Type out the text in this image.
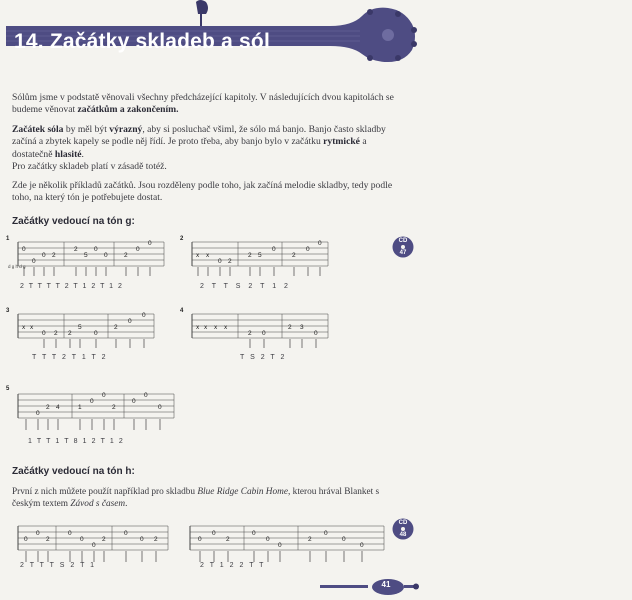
14. Začátky skladeb a sól
Sólům jsme v podstatě věnovali všechny předcházející kapitoly. V následujících dvou kapitolách se budeme věnovat začátkům a zakončením.
Začátek sóla by měl být výrazný, aby si posluchač všiml, že sólo má banjo. Banjo často skladby začíná a zbytek kapely se podle něj řídí. Je proto třeba, aby banjo bylo v začátku rytmické a dostatečně hlasité.
Pro začátky skladeb platí v zásadě totéž.
Zde je několik příkladů začátků. Jsou rozděleny podle toho, jak začíná melodie skladby, tedy podle toho, na který tón je potřebujete dostat.
Začátky vedoucí na tón g:
CD
47
0
0
0 2
2
5
0
0	2
0
0
d g h d g
1
2 T T T T 2 T 1 2 T 1 2
x x
0 2
2 5
0
2
0
0
2
2 T T S 2 T 1 2
x x
0 2 2
5
0
2
0
0
3
T T T 2 T 1 T 2
x x x x
2 0
2 3
0
4
T S 2 T 2
0
2 4	1
0
0
2
0
0
0
5
1 T T 1 T 8 1 2 T 1 2
Začátky vedoucí na tón h:
První z nich můžete použít například pro skladbu Blue Ridge Cabin Home, kterou hrával Blanket s českým textem Závod s časem.
CD
48
0
0
2
0
0
0
2
0
0 2	0
0
2
0
0
0
2
0
0
0
2 T T T S 2 T 1	2 T 1 2 2 T T
41
